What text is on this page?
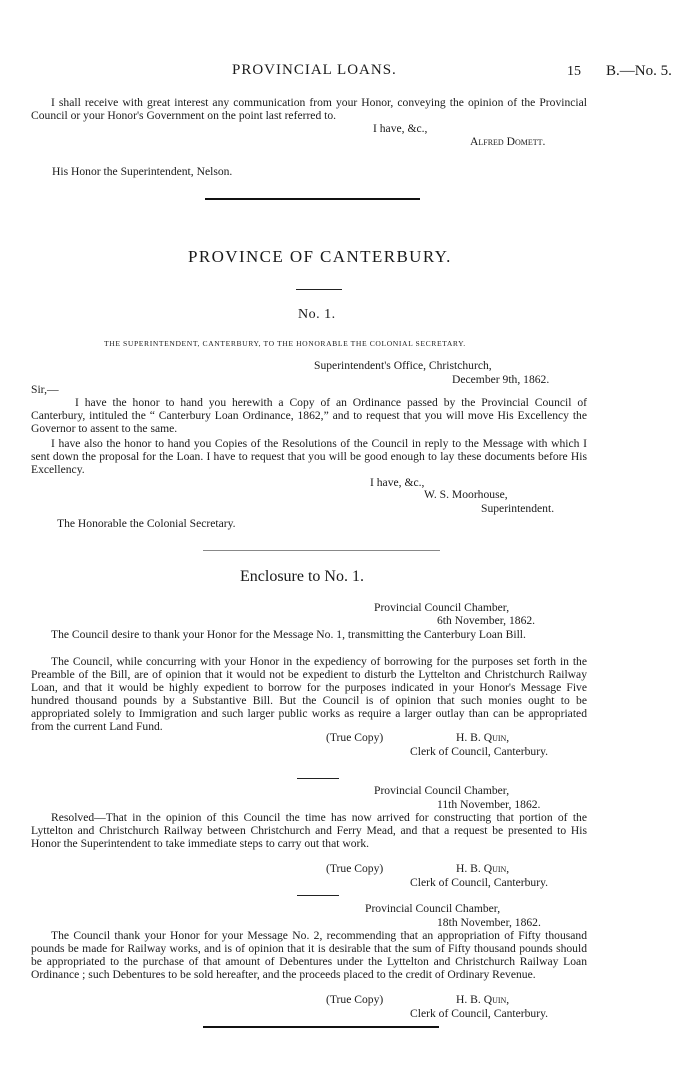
PROVINCIAL LOANS.	15 B.—No. 5.
I shall receive with great interest any communication from your Honor, conveying the opinion of the Provincial Council or your Honor's Government on the point last referred to.
I have, &c.,
Alfred Domett.
His Honor the Superintendent, Nelson.
PROVINCE OF CANTERBURY.
No. 1.
THE SUPERINTENDENT, CANTERBURY, TO THE HONORABLE THE COLONIAL SECRETARY.
Superintendent's Office, Christchurch,
December 9th, 1862.
Sir,—
I have the honor to hand you herewith a Copy of an Ordinance passed by the Provincial Council of Canterbury, intituled the “ Canterbury Loan Ordinance, 1862,” and to request that you will move His Excellency the Governor to assent to the same.
I have also the honor to hand you Copies of the Resolutions of the Council in reply to the Message with which I sent down the proposal for the Loan. I have to request that you will be good enough to lay these documents before His Excellency.
I have, &c.,
W. S. Moorhouse,
Superintendent.
The Honorable the Colonial Secretary.
Enclosure to No. 1.
Provincial Council Chamber,
6th November, 1862.
The Council desire to thank your Honor for the Message No. 1, transmitting the Canterbury Loan Bill.
The Council, while concurring with your Honor in the expediency of borrowing for the purposes set forth in the Preamble of the Bill, are of opinion that it would not be expedient to disturb the Lyttelton and Christchurch Railway Loan, and that it would be highly expedient to borrow for the purposes indicated in your Honor's Message Five hundred thousand pounds by a Substantive Bill. But the Council is of opinion that such monies ought to be appropriated solely to Immigration and such larger public works as require a larger outlay than can be appropriated from the current Land Fund.
(True Copy)	H. B. Quin,
Clerk of Council, Canterbury.
Provincial Council Chamber,
11th November, 1862.
Resolved—That in the opinion of this Council the time has now arrived for constructing that portion of the Lyttelton and Christchurch Railway between Christchurch and Ferry Mead, and that a request be presented to His Honor the Superintendent to take immediate steps to carry out that work.
(True Copy)	H. B. Quin,
Clerk of Council, Canterbury.
Provincial Council Chamber,
18th November, 1862.
The Council thank your Honor for your Message No. 2, recommending that an appropriation of Fifty thousand pounds be made for Railway works, and is of opinion that it is desirable that the sum of Fifty thousand pounds should be appropriated to the purchase of that amount of Debentures under the Lyttelton and Christchurch Railway Loan Ordinance ; such Debentures to be sold hereafter, and the proceeds placed to the credit of Ordinary Revenue.
(True Copy)	H. B. Quin,
Clerk of Council, Canterbury.
